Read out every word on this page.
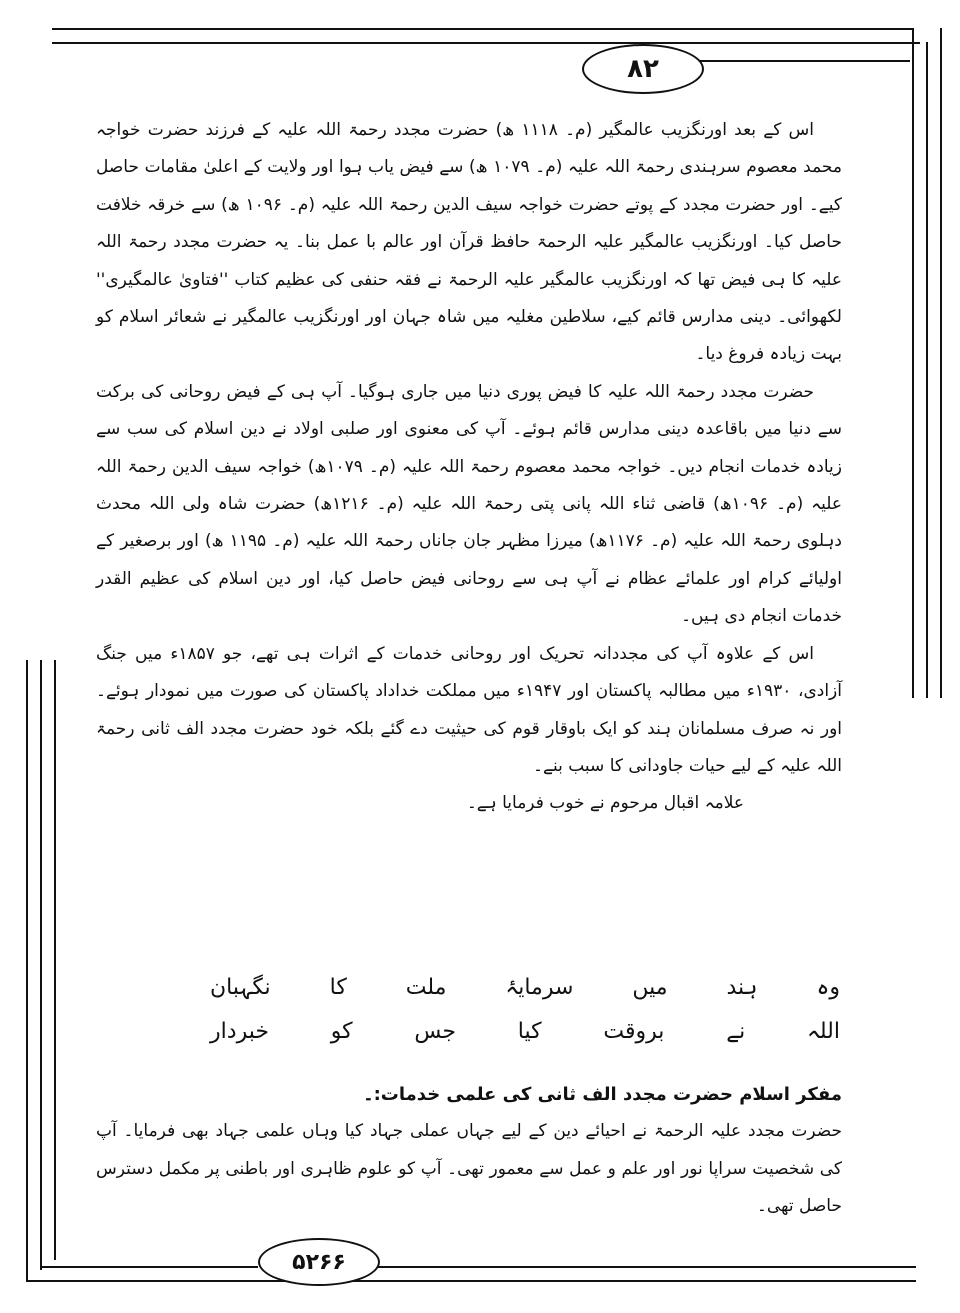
۸۲

اس کے بعد اورنگزیب عالمگیر (م۔ ۱۱۱۸ ھ) حضرت مجدد رحمۃ اللہ علیہ کے فرزند حضرت خواجہ محمد معصوم سرہندی رحمۃ اللہ علیہ (م۔ ۱۰۷۹ ھ) سے فیض یاب ہوا اور ولایت کے اعلیٰ مقامات حاصل کیے۔ اور حضرت مجدد کے پوتے حضرت خواجہ سیف الدین رحمۃ اللہ علیہ (م۔ ۱۰۹۶ ھ) سے خرقہ خلافت حاصل کیا۔ اورنگزیب عالمگیر علیہ الرحمۃ حافظ قرآن اور عالم با عمل بنا۔ یہ حضرت مجدد رحمۃ اللہ علیہ کا ہی فیض تھا کہ اورنگزیب عالمگیر علیہ الرحمۃ نے فقہ حنفی کی عظیم کتاب ''فتاویٰ عالمگیری'' لکھوائی۔ دینی مدارس قائم کیے، سلاطین مغلیہ میں شاہ جہان اور اورنگزیب عالمگیر نے شعائر اسلام کو بہت زیادہ فروغ دیا۔

حضرت مجدد رحمۃ اللہ علیہ کا فیض پوری دنیا میں جاری ہوگیا۔ آپ ہی کے فیض روحانی کی برکت سے دنیا میں باقاعدہ دینی مدارس قائم ہوئے۔ آپ کی معنوی اور صلبی اولاد نے دین اسلام کی سب سے زیادہ خدمات انجام دیں۔ خواجہ محمد معصوم رحمۃ اللہ علیہ (م۔ ۱۰۷۹ھ) خواجہ سیف الدین رحمۃ اللہ علیہ (م۔ ۱۰۹۶ھ) قاضی ثناء اللہ پانی پتی رحمۃ اللہ علیہ (م۔ ۱۲۱۶ھ) حضرت شاہ ولی اللہ محدث دہلوی رحمۃ اللہ علیہ (م۔ ۱۱۷۶ھ) میرزا مظہر جان جاناں رحمۃ اللہ علیہ (م۔ ۱۱۹۵ ھ) اور برصغیر کے اولیائے کرام اور علمائے عظام نے آپ ہی سے روحانی فیض حاصل کیا، اور دین اسلام کی عظیم القدر خدمات انجام دی ہیں۔

اس کے علاوہ آپ کی مجددانہ تحریک اور روحانی خدمات کے اثرات ہی تھے، جو ۱۸۵۷ء میں جنگ آزادی، ۱۹۳۰ء میں مطالبہ پاکستان اور ۱۹۴۷ء میں مملکت خداداد پاکستان کی صورت میں نمودار ہوئے۔ اور نہ صرف مسلمانان ہند کو ایک باوقار قوم کی حیثیت دے گئے بلکہ خود حضرت مجدد الف ثانی رحمۃ اللہ علیہ کے لیے حیات جاودانی کا سبب بنے۔

علامہ اقبال مرحوم نے خوب فرمایا ہے۔

وہ
ہند
میں
سرمایۂ
ملت
کا
نگہبان
اللہ
نے
بروقت
کیا
جس
کو
خبردار

مفکر اسلام حضرت مجدد الف ثانی کی علمی خدمات:۔

حضرت مجدد علیہ الرحمۃ نے احیائے دین کے لیے جہاں عملی جہاد کیا وہاں علمی جہاد بھی فرمایا۔ آپ کی شخصیت سراپا نور اور علم و عمل سے معمور تھی۔ آپ کو علوم ظاہری اور باطنی پر مکمل دسترس حاصل تھی۔

۵۲۶۶
